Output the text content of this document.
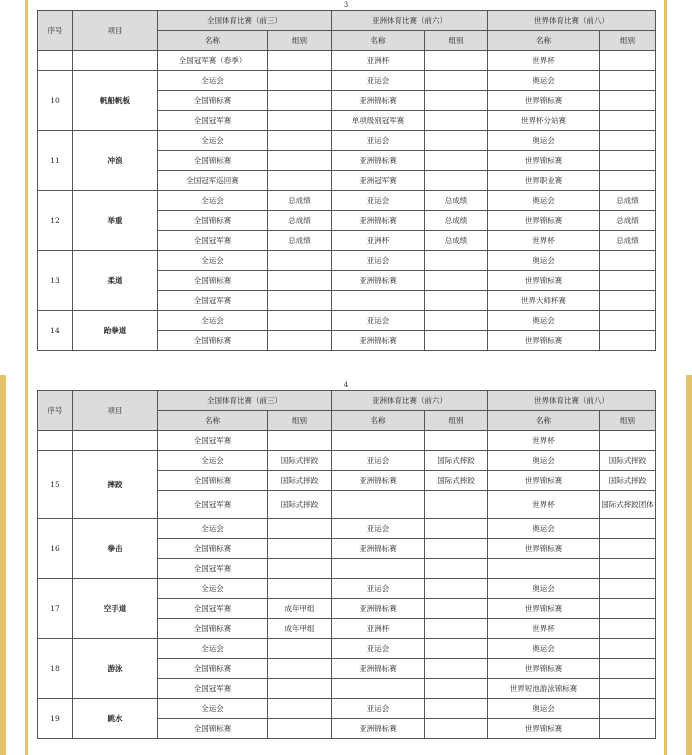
3
序号	项目	全国体育比赛（前三）		亚洲体育比赛（前六）		世界体育比赛（前八）	
		名称	组别	名称	组别	名称	组别
		全国冠军赛（春季）		亚洲杯		世界杯	
10	帆船帆板	全运会		亚运会		奥运会	
		全国锦标赛		亚洲锦标赛		世界锦标赛	
		全国冠军赛		单项级别冠军赛		世界杯分站赛	
11	冲浪	全运会		亚运会		奥运会	
		全国锦标赛		亚洲锦标赛		世界锦标赛	
		全国冠军巡回赛		亚洲冠军赛		世界职业赛	
12	举重	全运会	总成绩	亚运会	总成绩	奥运会	总成绩
		全国锦标赛	总成绩	亚洲锦标赛	总成绩	世界锦标赛	总成绩
		全国冠军赛	总成绩	亚洲杯	总成绩	世界杯	总成绩
13	柔道	全运会		亚运会		奥运会	
		全国锦标赛		亚洲锦标赛		世界锦标赛	
		全国冠军赛				世界大师杯赛	
14	跆拳道	全运会		亚运会		奥运会	
		全国锦标赛		亚洲锦标赛		世界锦标赛	
4
序号	项目	全国体育比赛（前三）		亚洲体育比赛（前六）		世界体育比赛（前八）	
		名称	组别	名称	组别	名称	组别
		全国冠军赛				世界杯	
15	摔跤	全运会	国际式摔跤	亚运会	国际式摔跤	奥运会	国际式摔跤
		全国锦标赛	国际式摔跤	亚洲锦标赛	国际式摔跤	世界锦标赛	国际式摔跤
		全国冠军赛	国际式摔跤			世界杯	国际式摔跤团体
16	拳击	全运会		亚运会		奥运会	
		全国锦标赛		亚洲锦标赛		世界锦标赛	
		全国冠军赛					
17	空手道	全运会		亚运会		奥运会	
		全国冠军赛	成年甲组	亚洲锦标赛		世界锦标赛	
		全国锦标赛	成年甲组	亚洲杯		世界杯	
18	游泳	全运会		亚运会		奥运会	
		全国锦标赛		亚洲锦标赛		世界锦标赛	
		全国冠军赛				世界短池游泳锦标赛	
19	跳水	全运会		亚运会		奥运会	
		全国锦标赛		亚洲锦标赛		世界锦标赛	
